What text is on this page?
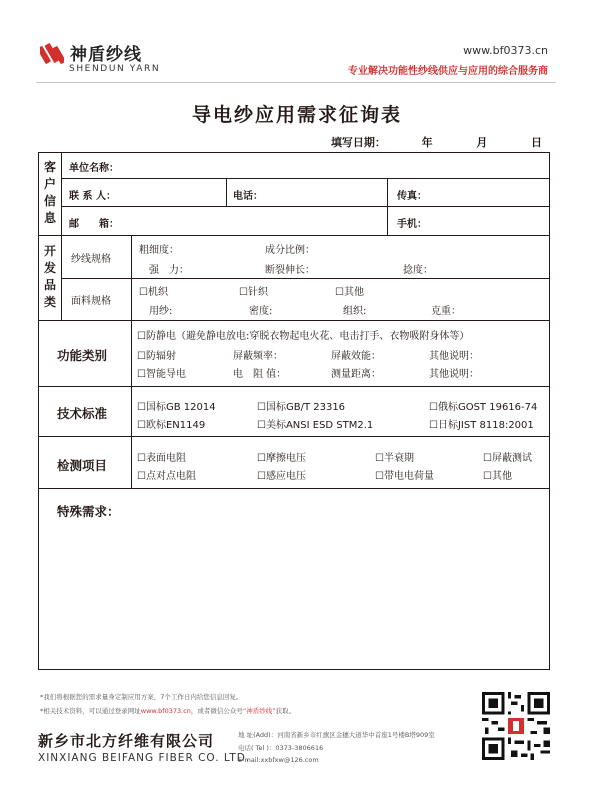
神盾纱线
SHENDUN YARN
www.bf0373.cn
专业解决功能性纱线供应与应用的综合服务商
导电纱应用需求征询表
填写日期：	年	月	日
客户信息
单位名称：
联 系 人：	电话：	传真：
邮　　箱：	手机：
开发品类
纱线规格
粗细度：	成分比例：
强　力：	断裂伸长：	捻度：
面料规格
☐机织	☐针织	☐其他
用纱:	密度:	组织:	克重：
功能类别
☐防静电（避免静电放电:穿脱衣物起电火花、电击打手、衣物吸附身体等）
☐防辐射	屏蔽频率：	屏蔽效能：	其他说明：
☐智能导电	电　阻 值：	测量距离：	其他说明：
技术标准	☐国标GB 12014	☐国标GB/T 23316	☐俄标GOST 19616-74
☐欧标EN1149	☐美标ANSI ESD STM2.1	☐日标JIST 8118:2001
检测项目	☐表面电阻	☐摩擦电压	☐半衰期	☐屏蔽测试
☐点对点电阻	☐感应电压	☐带电电荷量	☐其他
特殊需求：
*我们将根据您的需求量身定制应用方案，7个工作日内给您信息回复。
*相关技术资料，可以通过登录网址www.bf0373.cn，或者微信公众号“神盾纱线”获取。
新乡市北方纤维有限公司
XINXIANG BEIFANG FIBER CO. LTD.
地 址(Add)：河南省新乡市红旗区金穗大道华中首座1号楼B塔909室
电话( Tel )：0373-3806616
E-mail:xxbfxw@126.com
